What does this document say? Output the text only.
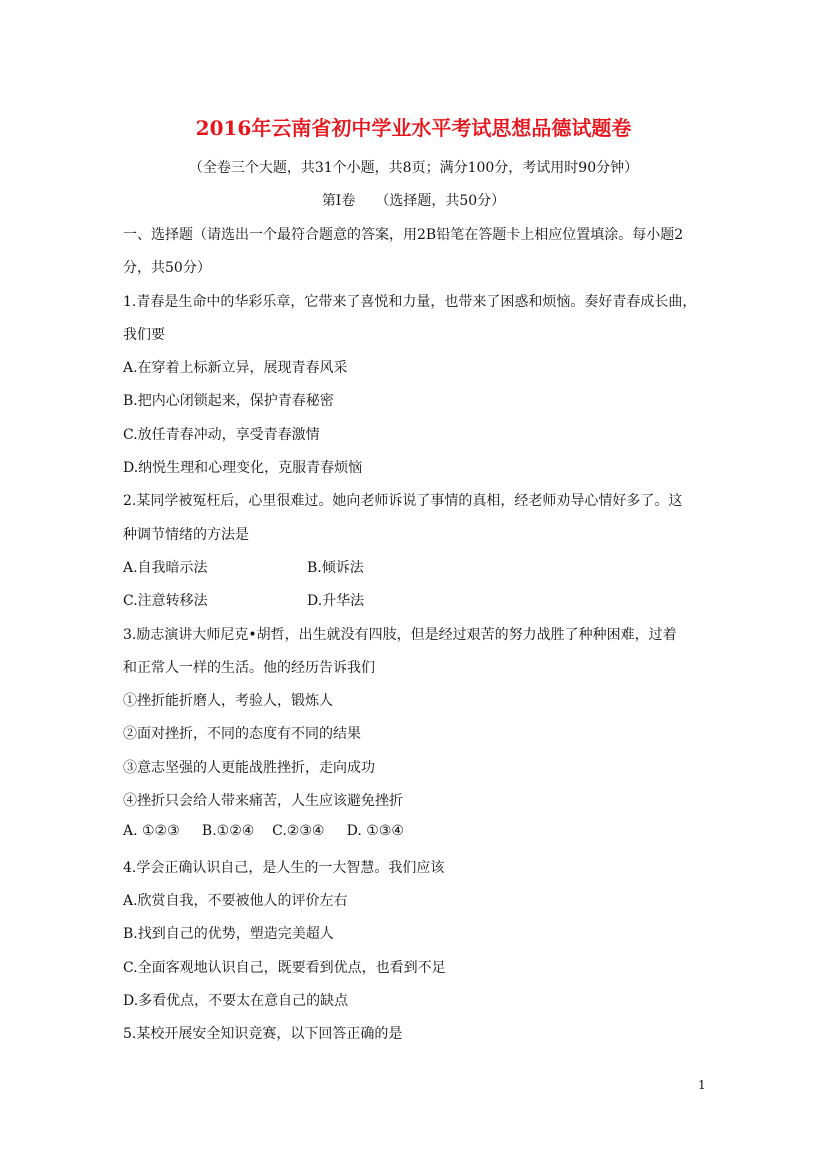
2016年云南省初中学业水平考试思想品德试题卷
（全卷三个大题，共31个小题，共8页；满分100分，考试用时90分钟）
第Ⅰ卷 （选择题，共50分）
一、选择题（请选出一个最符合题意的答案，用2B铅笔在答题卡上相应位置填涂。每小题2
分，共50分）
1.青春是生命中的华彩乐章，它带来了喜悦和力量，也带来了困惑和烦恼。奏好青春成长曲，
我们要
A.在穿着上标新立异，展现青春风采
B.把内心闭锁起来，保护青春秘密
C.放任青春冲动，享受青春激情
D.纳悦生理和心理变化，克服青春烦恼
2.某同学被冤枉后，心里很难过。她向老师诉说了事情的真相，经老师劝导心情好多了。这
种调节情绪的方法是
A.自我暗示法	B.倾诉法
C.注意转移法	D.升华法
3.励志演讲大师尼克•胡哲，出生就没有四肢，但是经过艰苦的努力战胜了种种困难，过着
和正常人一样的生活。他的经历告诉我们
①挫折能折磨人，考验人，锻炼人
②面对挫折，不同的态度有不同的结果
③意志坚强的人更能战胜挫折，走向成功
④挫折只会给人带来痛苦，人生应该避免挫折
A. ①②③     B.①②④    C.②③④     D. ①③④
4.学会正确认识自己，是人生的一大智慧。我们应该
A.欣赏自我，不要被他人的评价左右
B.找到自己的优势，塑造完美超人
C.全面客观地认识自己，既要看到优点，也看到不足
D.多看优点，不要太在意自己的缺点
5.某校开展安全知识竞赛，以下回答正确的是
1
